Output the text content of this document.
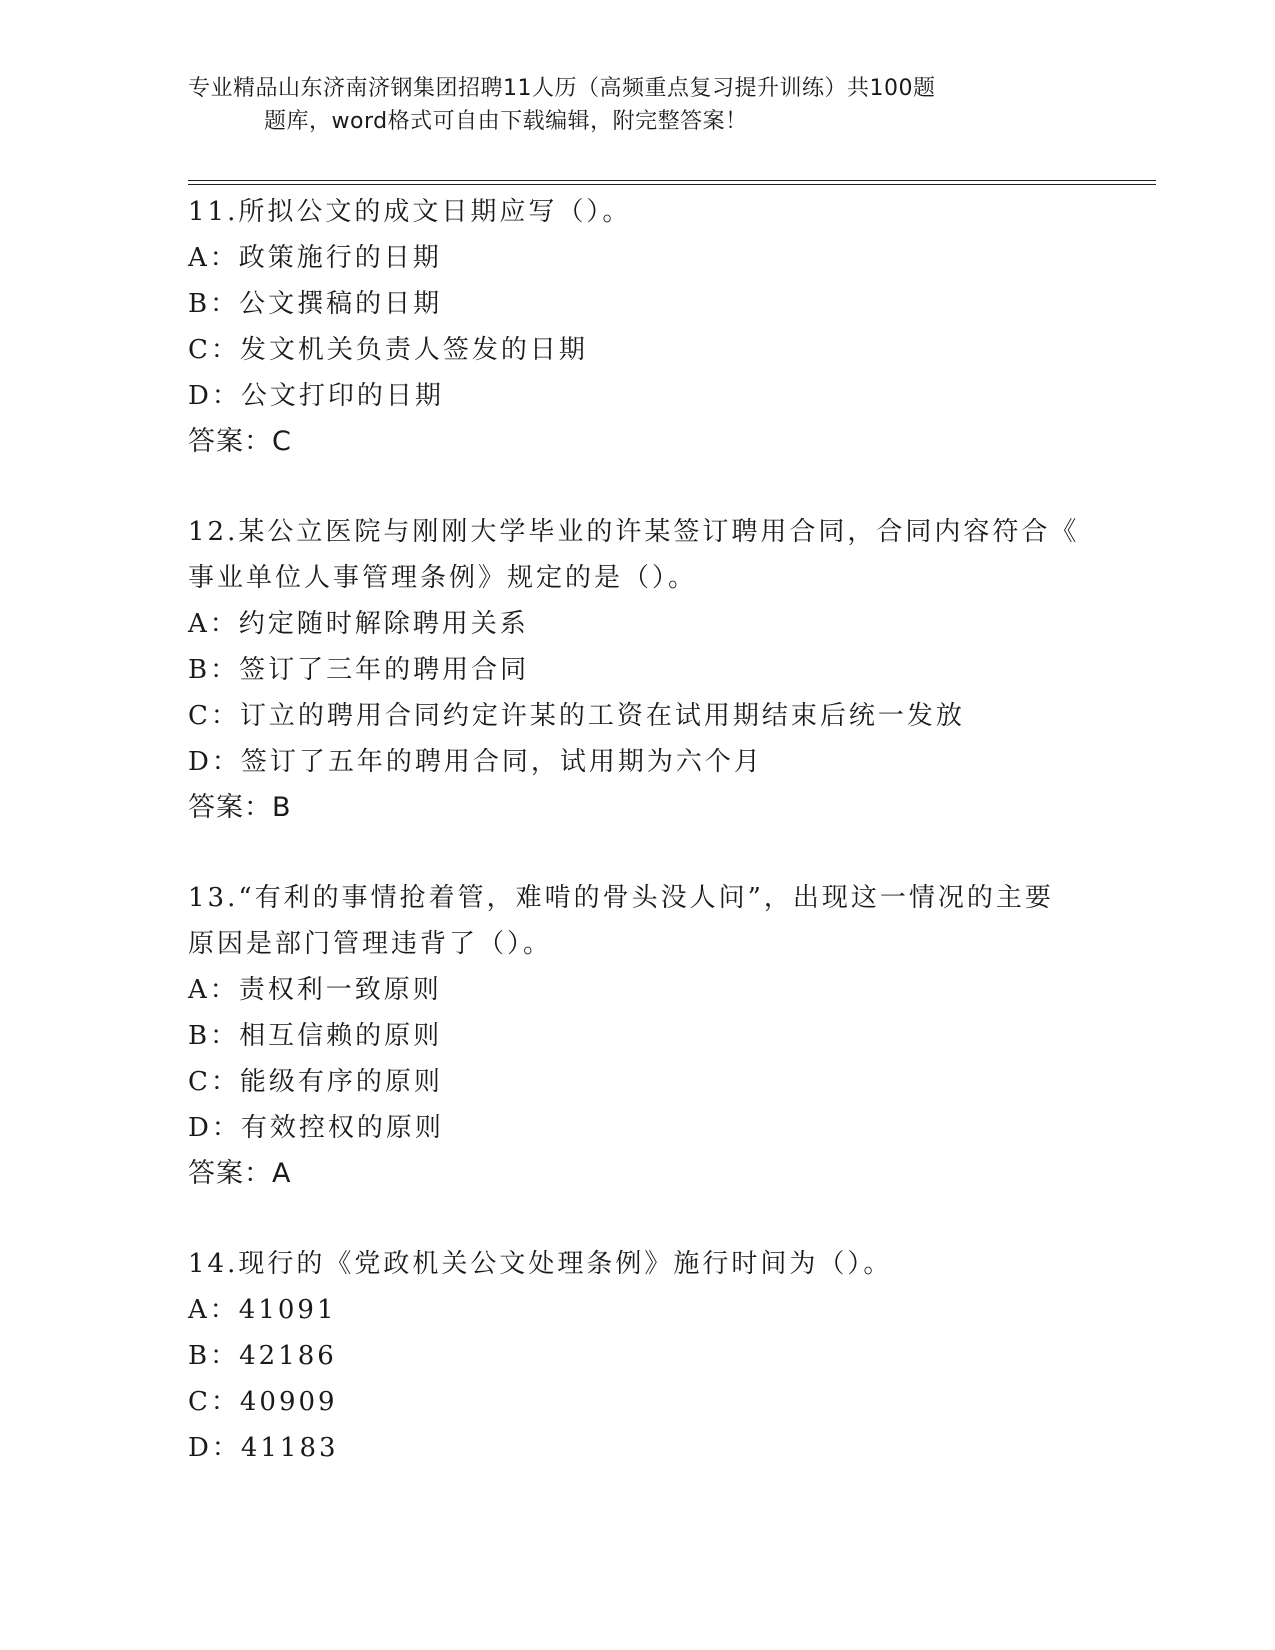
专业精品山东济南济钢集团招聘11人历（高频重点复习提升训练）共100题
题库，word格式可自由下载编辑，附完整答案！
11.所拟公文的成文日期应写（）。
A：政策施行的日期
B：公文撰稿的日期
C：发文机关负责人签发的日期
D：公文打印的日期
答案：C
12.某公立医院与刚刚大学毕业的许某签订聘用合同，合同内容符合《
事业单位人事管理条例》规定的是（）。
A：约定随时解除聘用关系
B：签订了三年的聘用合同
C：订立的聘用合同约定许某的工资在试用期结束后统一发放
D：签订了五年的聘用合同，试用期为六个月
答案：B
13.“有利的事情抢着管，难啃的骨头没人问”，出现这一情况的主要
原因是部门管理违背了（）。
A：责权利一致原则
B：相互信赖的原则
C：能级有序的原则
D：有效控权的原则
答案：A
14.现行的《党政机关公文处理条例》施行时间为（）。
A：41091
B：42186
C：40909
D：41183
